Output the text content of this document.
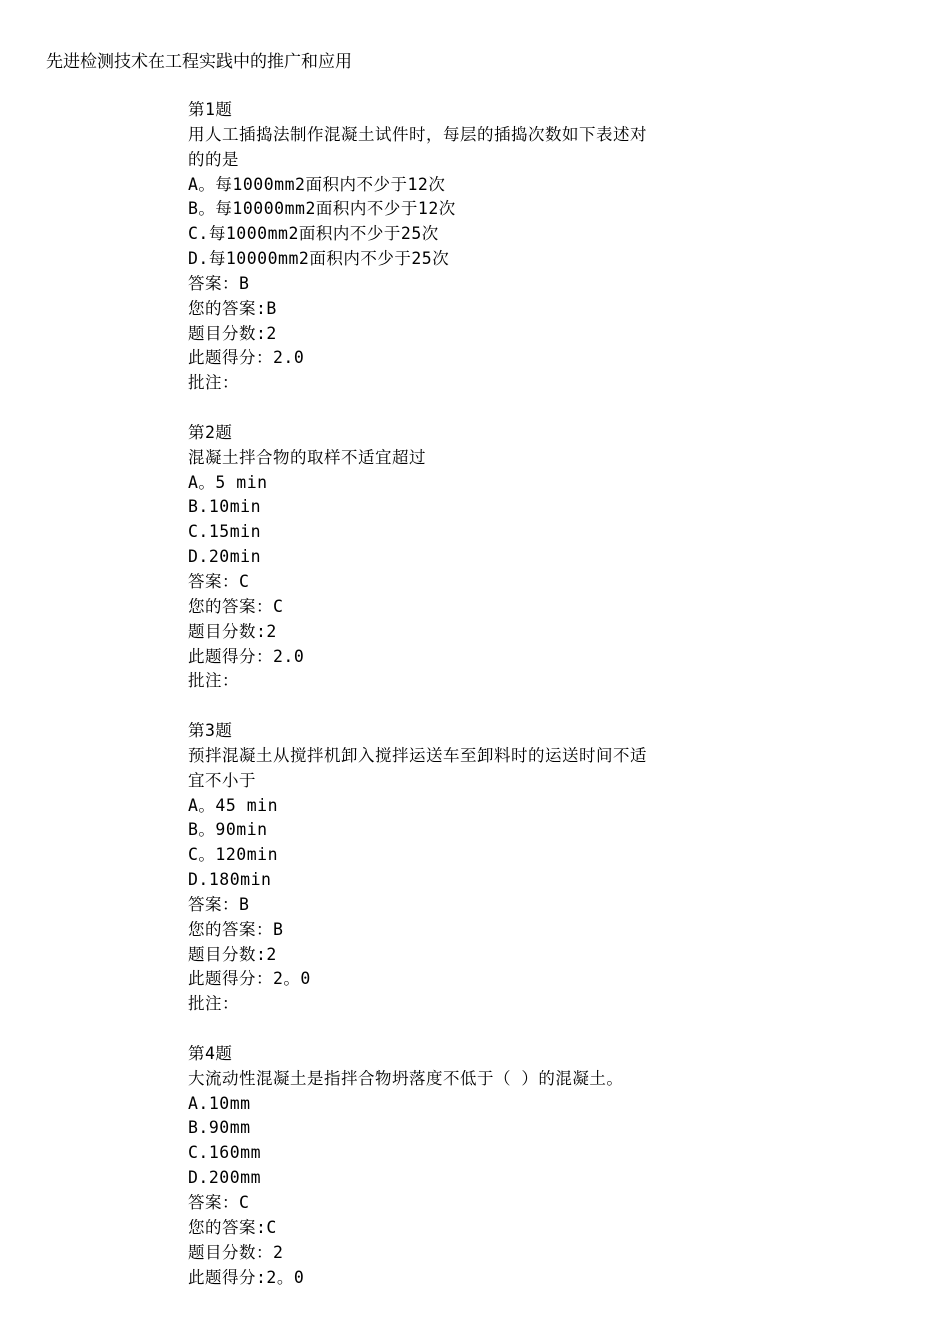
先进检测技术在工程实践中的推广和应用
第1题
用人工插捣法制作混凝土试件时，每层的插捣次数如下表述对
的的是
A。每1000mm2面积内不少于12次
B。每10000mm2面积内不少于12次
C.每1000mm2面积内不少于25次
D.每10000mm2面积内不少于25次
答案：B
您的答案:B
题目分数:2
此题得分：2.0
批注：
第2题
混凝土拌合物的取样不适宜超过
A。5 min
B.10min
C.15min
D.20min
答案：C
您的答案：C
题目分数:2
此题得分：2.0
批注：
第3题
预拌混凝土从搅拌机卸入搅拌运送车至卸料时的运送时间不适
宜不小于
A。45 min
B。90min
C。120min
D.180min
答案：B
您的答案：B
题目分数:2
此题得分：2。0
批注：
第4题
大流动性混凝土是指拌合物坍落度不低于（ ）的混凝土。
A.10mm
B.90mm
C.160mm
D.200mm
答案：C
您的答案:C
题目分数：2
此题得分:2。0
